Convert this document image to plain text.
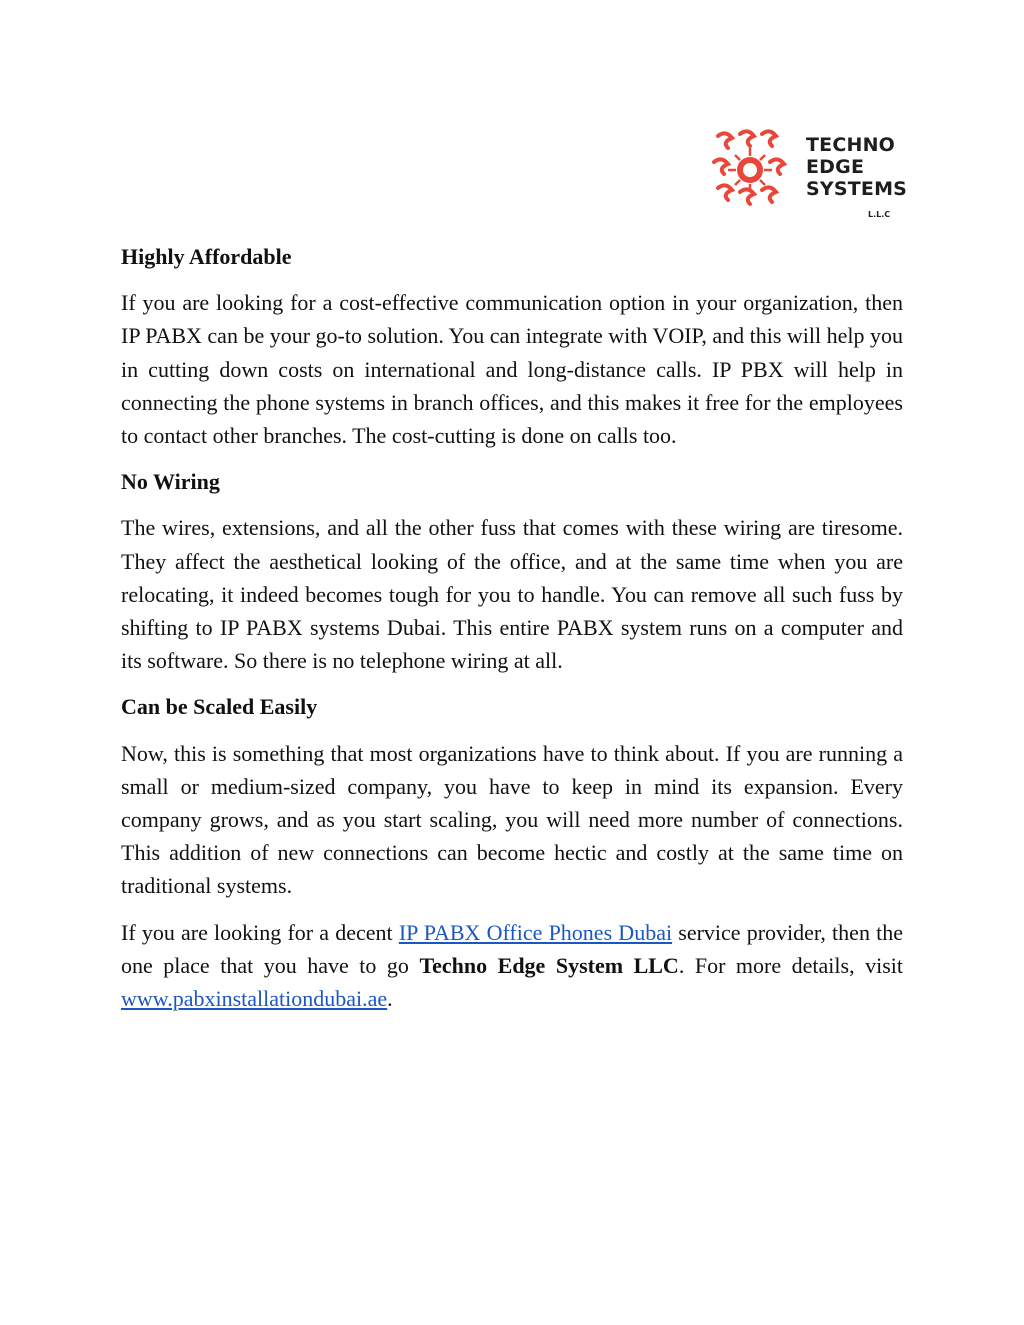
TECHNO
EDGE
SYSTEMS
L.L.C
Highly Affordable

If you are looking for a cost-effective communication option in your organization, then IP PABX can be your go-to solution. You can integrate with VOIP, and this will help you in cutting down costs on international and long-distance calls. IP PBX will help in connecting the phone systems in branch offices, and this makes it free for the employees to contact other branches. The cost-cutting is done on calls too.

No Wiring

The wires, extensions, and all the other fuss that comes with these wiring are tiresome. They affect the aesthetical looking of the office, and at the same time when you are relocating, it indeed becomes tough for you to handle. You can remove all such fuss by shifting to IP PABX systems Dubai. This entire PABX system runs on a computer and its software. So there is no telephone wiring at all.

Can be Scaled Easily

Now, this is something that most organizations have to think about. If you are running a small or medium-sized company, you have to keep in mind its expansion. Every company grows, and as you start scaling, you will need more number of connections. This addition of new connections can become hectic and costly at the same time on traditional systems.

If you are looking for a decent IP PABX Office Phones Dubai service provider, then the one place that you have to go Techno Edge System LLC. For more details, visit www.pabxinstallationdubai.ae.
